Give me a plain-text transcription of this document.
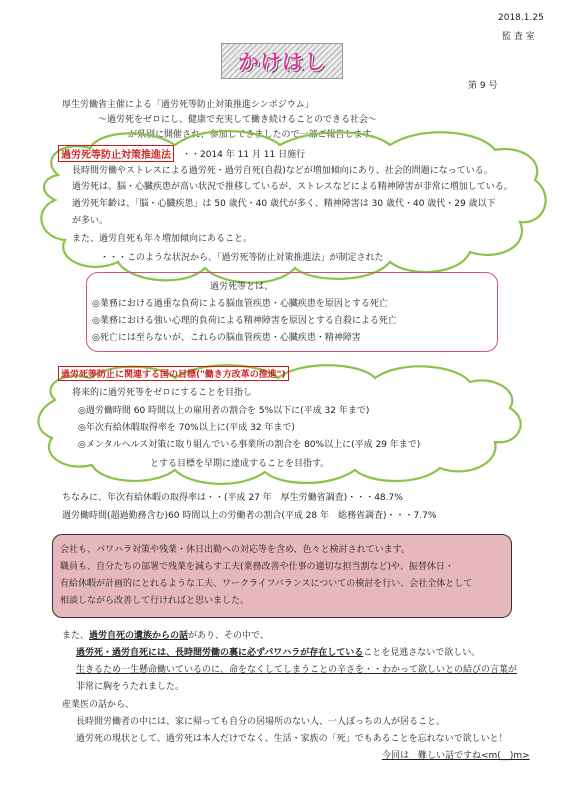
2018.1.25
監 査 室
かけはし
第 9 号
厚生労働省主催による「過労死等防止対策推進シンポジウム」
〜過労死をゼロにし、健康で充実して働き続けることのできる社会〜
が県別に開催され、参加してきましたので一部ご報告します。
過労死等防止対策推進法	・・2014 年 11 月 11 日施行
長時間労働やストレスによる過労死・過労自死(自殺)などが増加傾向にあり、社会的問題になっている。
過労死は、脳・心臓疾患が高い状況で推移しているが、ストレスなどによる精神障害が非常に増加している。
過労死年齢は、「脳・心臓疾患」は 50 歳代・40 歳代が多く、精神障害は 30 歳代・40 歳代・29 歳以下
が多い。
また、過労自死も年々増加傾向にあること。
・・・このような状況から、「過労死等防止対策推進法」が制定された
過労死等とは、
◎業務における過重な負荷による脳血管疾患・心臓疾患を原因とする死亡
◎業務における強い心理的負荷による精神障害を原因とする自殺による死亡
◎死亡には至らないが、これらの脳血管疾患・心臓疾患・精神障害
過労死等防止に関連する国の目標("働き方改革の推進")
将来的に過労死等をゼロにすることを目指し
◎週労働時間 60 時間以上の雇用者の割合を 5%以下に(平成 32 年まで)
◎年次有給休暇取得率を 70%以上に(平成 32 年まで)
◎メンタルヘルス対策に取り組んでいる事業所の割合を 80%以上に(平成 29 年まで)
とする目標を早期に達成することを目指す。
ちなみに、年次有給休暇の取得率は・・(平成 27 年　厚生労働省調査)・・・48.7%
週労働時間(超過勤務含む)60 時間以上の労働者の割合(平成 28 年　総務省調査)・・・7.7%
会社も、パワハラ対策や残業・休日出勤への対応等を含め、色々と検討されています。
職員も、自分たちの部署で残業を減らす工夫(業務改善や仕事の適切な担当割など)や、振替休日・
有給休暇が計画的にとれるような工夫、ワークライフバランスについての検討を行い、会社全体として
相談しながら改善して行ければと思いました。
また、過労自死の遺族からの話があり、その中で、
過労死・過労自死には、長時間労働の裏に必ずパワハラが存在していることを見逃さないで欲しい。
生きるため一生懸命働いているのに、命をなくしてしまうことの辛さを・・わかって欲しいとの結びの言葉が
非常に胸をうたれました。
産業医の話から、
長時間労働者の中には、家に帰っても自分の居場所のない人、一人ぼっちの人が居ること。
過労死の現状として、過労死は本人だけでなく、生活・家族の「死」でもあることを忘れないで欲しいと！
今回は　難しい話ですね<m(__)m>
